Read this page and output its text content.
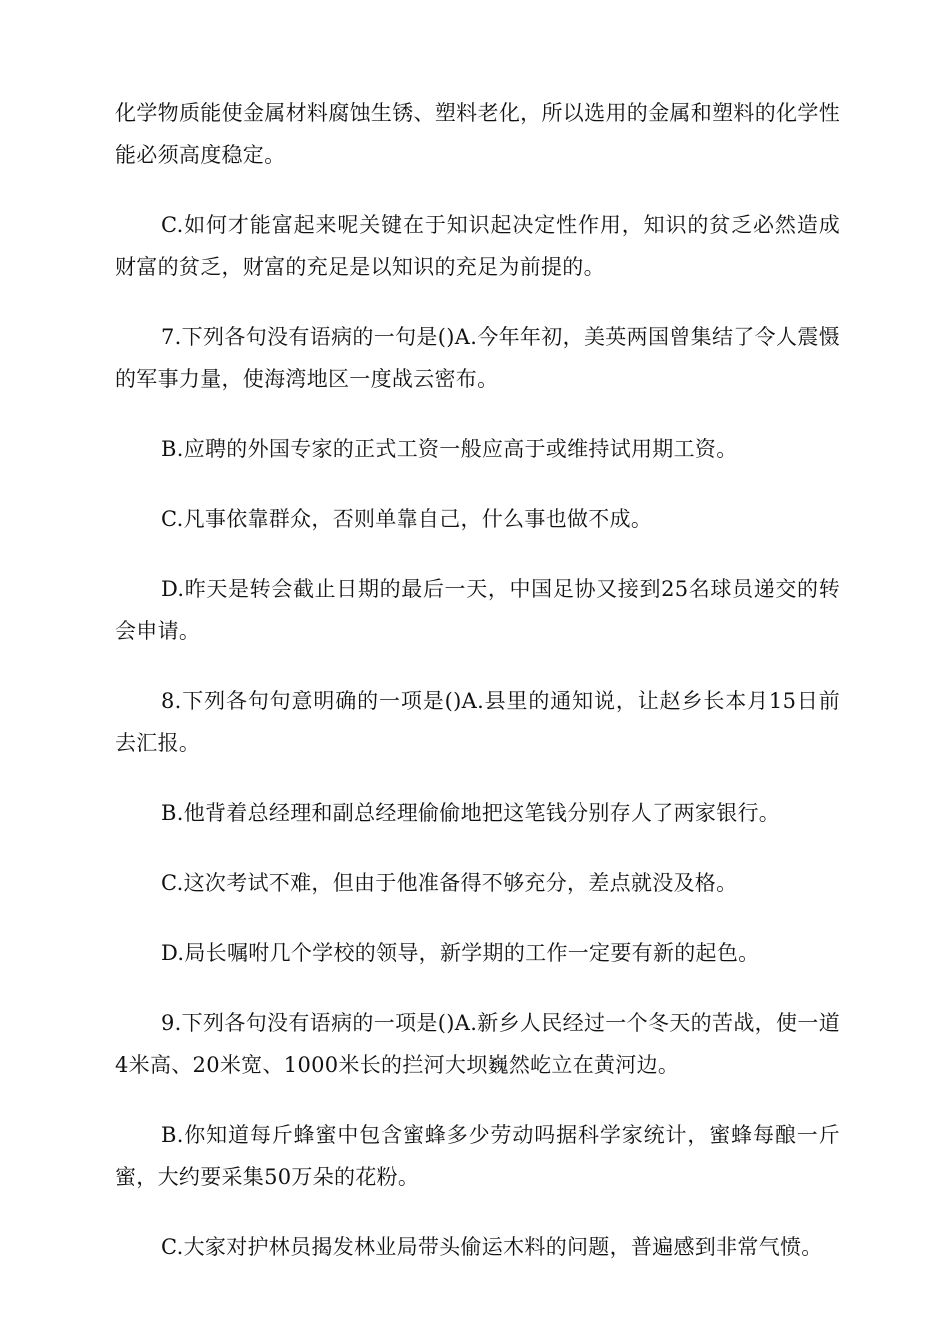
化学物质能使金属材料腐蚀生锈、塑料老化，所以选用的金属和塑料的化学性能必须高度稳定。

C.如何才能富起来呢关键在于知识起决定性作用，知识的贫乏必然造成财富的贫乏，财富的充足是以知识的充足为前提的。

7.下列各句没有语病的一句是()A.今年年初，美英两国曾集结了令人震慑的军事力量，使海湾地区一度战云密布。

B.应聘的外国专家的正式工资一般应高于或维持试用期工资。

C.凡事依靠群众，否则单靠自己，什么事也做不成。

D.昨天是转会截止日期的最后一天，中国足协又接到25名球员递交的转会申请。

8.下列各句句意明确的一项是()A.县里的通知说，让赵乡长本月15日前去汇报。

B.他背着总经理和副总经理偷偷地把这笔钱分别存人了两家银行。

C.这次考试不难，但由于他准备得不够充分，差点就没及格。

D.局长嘱咐几个学校的领导，新学期的工作一定要有新的起色。

9.下列各句没有语病的一项是()A.新乡人民经过一个冬天的苦战，使一道4米高、20米宽、1000米长的拦河大坝巍然屹立在黄河边。

B.你知道每斤蜂蜜中包含蜜蜂多少劳动吗据科学家统计，蜜蜂每酿一斤蜜，大约要采集50万朵的花粉。

C.大家对护林员揭发林业局带头偷运木料的问题，普遍感到非常气愤。
